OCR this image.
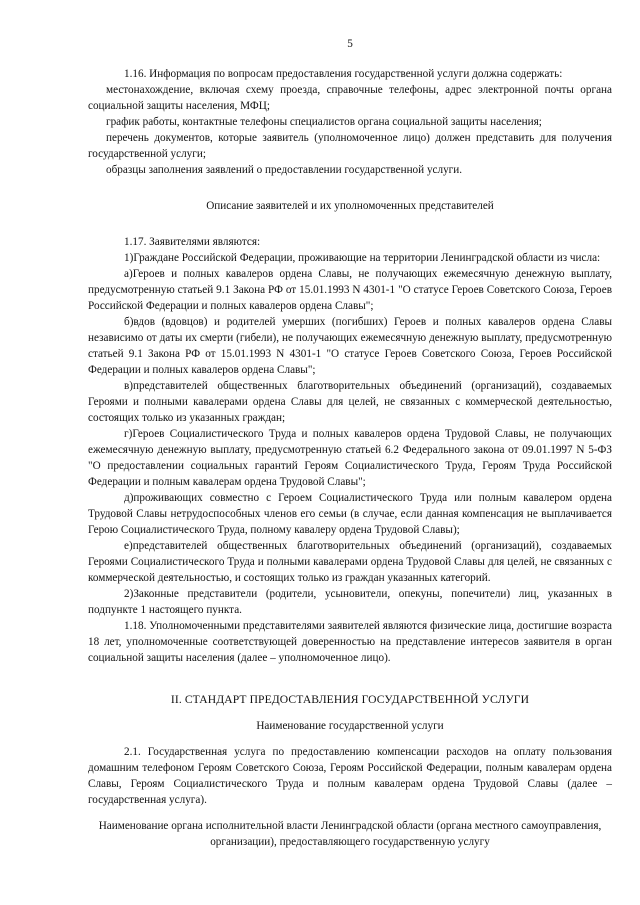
5

1.16. Информация по вопросам предоставления государственной услуги должна содержать:

местонахождение, включая схему проезда, справочные телефоны, адрес электронной почты органа социальной защиты населения, МФЦ;

график работы, контактные телефоны специалистов органа социальной защиты населения;

перечень документов, которые заявитель (уполномоченное лицо) должен представить для получения государственной услуги;

образцы заполнения заявлений о предоставлении государственной услуги.

Описание заявителей и их уполномоченных представителей

1.17. Заявителями являются:

1)Граждане Российской Федерации, проживающие на территории Ленинградской области из числа:

а)Героев и полных кавалеров ордена Славы, не получающих ежемесячную денежную выплату, предусмотренную статьей 9.1 Закона РФ от 15.01.1993 N 4301-1 "О статусе Героев Советского Союза, Героев Российской Федерации и полных кавалеров ордена Славы";

б)вдов (вдовцов) и родителей умерших (погибших) Героев и полных кавалеров ордена Славы независимо от даты их смерти (гибели), не получающих ежемесячную денежную выплату, предусмотренную статьей 9.1 Закона РФ от 15.01.1993 N 4301-1 "О статусе Героев Советского Союза, Героев Российской Федерации и полных кавалеров ордена Славы";

в)представителей общественных благотворительных объединений (организаций), создаваемых Героями и полными кавалерами ордена Славы для целей, не связанных с коммерческой деятельностью, состоящих только из указанных граждан;

г)Героев Социалистического Труда и полных кавалеров ордена Трудовой Славы, не получающих ежемесячную денежную выплату, предусмотренную статьей 6.2 Федерального закона от 09.01.1997 N 5-ФЗ "О предоставлении социальных гарантий Героям Социалистического Труда, Героям Труда Российской Федерации и полным кавалерам ордена Трудовой Славы";

д)проживающих совместно с Героем Социалистического Труда или полным кавалером ордена Трудовой Славы нетрудоспособных членов его семьи (в случае, если данная компенсация не выплачивается Герою Социалистического Труда, полному кавалеру ордена Трудовой Славы);

е)представителей общественных благотворительных объединений (организаций), создаваемых Героями Социалистического Труда и полными кавалерами ордена Трудовой Славы для целей, не связанных с коммерческой деятельностью, и состоящих только из граждан указанных категорий.

2)Законные представители (родители, усыновители, опекуны, попечители) лиц, указанных в подпункте 1 настоящего пункта.

1.18. Уполномоченными представителями заявителей являются физические лица, достигшие возраста 18 лет, уполномоченные соответствующей доверенностью на представление интересов заявителя в орган социальной защиты населения (далее – уполномоченное лицо).

II. СТАНДАРТ ПРЕДОСТАВЛЕНИЯ ГОСУДАРСТВЕННОЙ УСЛУГИ

Наименование государственной услуги

2.1. Государственная услуга по предоставлению компенсации расходов на оплату пользования домашним телефоном Героям Советского Союза, Героям Российской Федерации, полным кавалерам ордена Славы, Героям Социалистического Труда и полным кавалерам ордена Трудовой Славы (далее – государственная услуга).

Наименование органа исполнительной власти Ленинградской области (органа местного самоуправления, организации), предоставляющего государственную услугу
